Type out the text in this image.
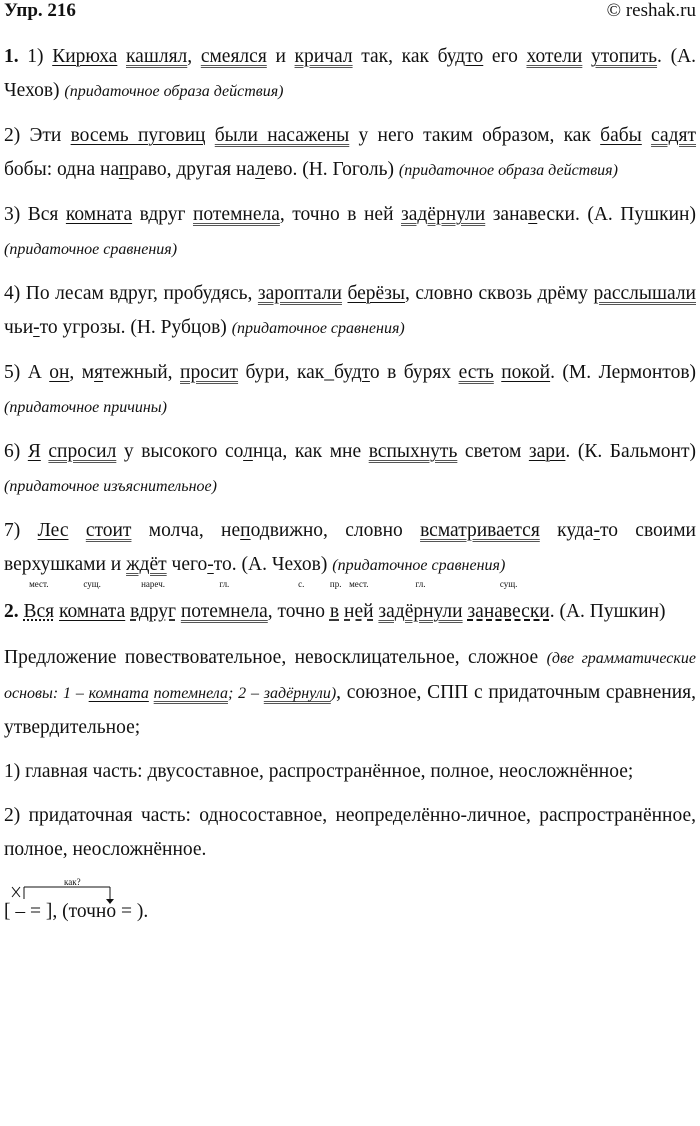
Упр. 216	© reshak.ru

1. 1) Кирюха кашлял, смеялся и кричал так, как будто его хотели утопить. (А. Чехов) (придаточное образа действия)

2) Эти восемь пуговиц были насажены у него таким образом, как бабы садят бобы: одна направо, другая налево. (Н. Гоголь) (придаточное образа действия)

3) Вся комната вдруг потемнела, точно в ней задёрнули занавески. (А. Пушкин) (придаточное сравнения)

4) По лесам вдруг, пробудясь, зароптали берёзы, словно сквозь дрёму расслышали чьи-то угрозы. (Н. Рубцов) (придаточное сравнения)

5) А он, мятежный, просит бури, как_будто в бурях есть покой. (М. Лермонтов) (придаточное причины)

6) Я спросил у высокого солнца, как мне вспыхнуть светом зари. (К. Бальмонт) (придаточное изъяснительное)

7) Лес стоит молча, неподвижно, словно всматривается куда-то своими верхушками и ждёт чего-то. (А. Чехов) (придаточное сравнения)

2.
мест.
Вся
сущ.
комната
нареч.
вдруг
гл.
потемнела,
с.
точно
пр.
в
мест.
ней
гл.
задёрнули
сущ.
занавески. (А. Пушкин)

Предложение повествовательное, невосклицательное, сложное (две грамматические основы: 1 – комната потемнела; 2 – задёрнули), союзное, СПП с придаточным сравнения, утвердительное;

1) главная часть: двусоставное, распространённое, полное, неосложнённое;

2) придаточная часть: односоставное, неопределённо-личное, распространённое, полное, неосложнённое.

как?
[ – = ], (точно = ).
